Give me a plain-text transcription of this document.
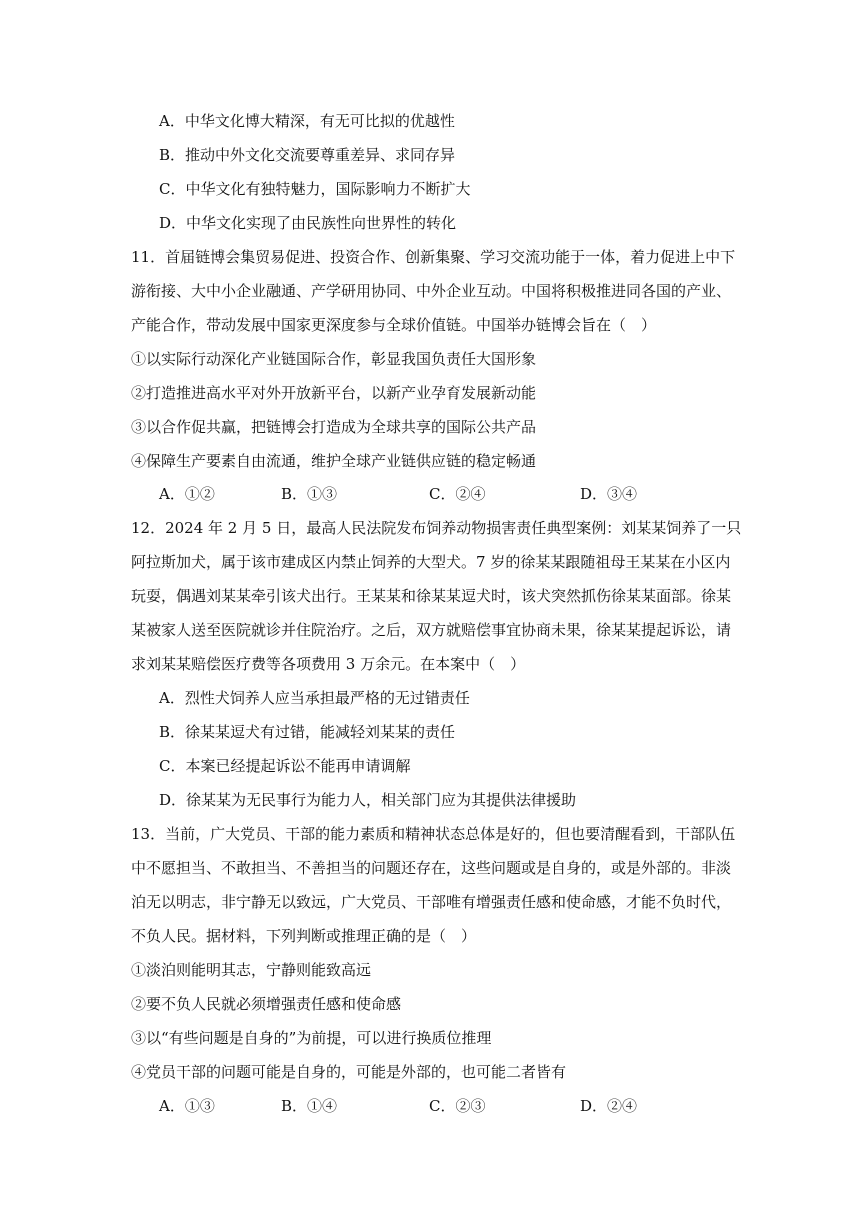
A．中华文化博大精深，有无可比拟的优越性
B．推动中外文化交流要尊重差异、求同存异
C．中华文化有独特魅力，国际影响力不断扩大
D．中华文化实现了由民族性向世界性的转化
11．首届链博会集贸易促进、投资合作、创新集聚、学习交流功能于一体，着力促进上中下
游衔接、大中小企业融通、产学研用协同、中外企业互动。中国将积极推进同各国的产业、
产能合作，带动发展中国家更深度参与全球价值链。中国举办链博会旨在（　）
①以实际行动深化产业链国际合作，彰显我国负责任大国形象
②打造推进高水平对外开放新平台，以新产业孕育发展新动能
③以合作促共赢，把链博会打造成为全球共享的国际公共产品
④保障生产要素自由流通，维护全球产业链供应链的稳定畅通
A．①②	B．①③	C．②④	D．③④
12．2024 年 2 月 5 日，最高人民法院发布饲养动物损害责任典型案例：刘某某饲养了一只
阿拉斯加犬，属于该市建成区内禁止饲养的大型犬。7 岁的徐某某跟随祖母王某某在小区内
玩耍，偶遇刘某某牵引该犬出行。王某某和徐某某逗犬时，该犬突然抓伤徐某某面部。徐某
某被家人送至医院就诊并住院治疗。之后，双方就赔偿事宜协商未果，徐某某提起诉讼，请
求刘某某赔偿医疗费等各项费用 3 万余元。在本案中（　）
A．烈性犬饲养人应当承担最严格的无过错责任
B．徐某某逗犬有过错，能减轻刘某某的责任
C．本案已经提起诉讼不能再申请调解
D．徐某某为无民事行为能力人，相关部门应为其提供法律援助
13．当前，广大党员、干部的能力素质和精神状态总体是好的，但也要清醒看到，干部队伍
中不愿担当、不敢担当、不善担当的问题还存在，这些问题或是自身的，或是外部的。非淡
泊无以明志，非宁静无以致远，广大党员、干部唯有增强责任感和使命感，才能不负时代，
不负人民。据材料，下列判断或推理正确的是（　）
①淡泊则能明其志，宁静则能致高远
②要不负人民就必须增强责任感和使命感
③以“有些问题是自身的”为前提，可以进行换质位推理
④党员干部的问题可能是自身的，可能是外部的，也可能二者皆有
A．①③	B．①④	C．②③	D．②④
